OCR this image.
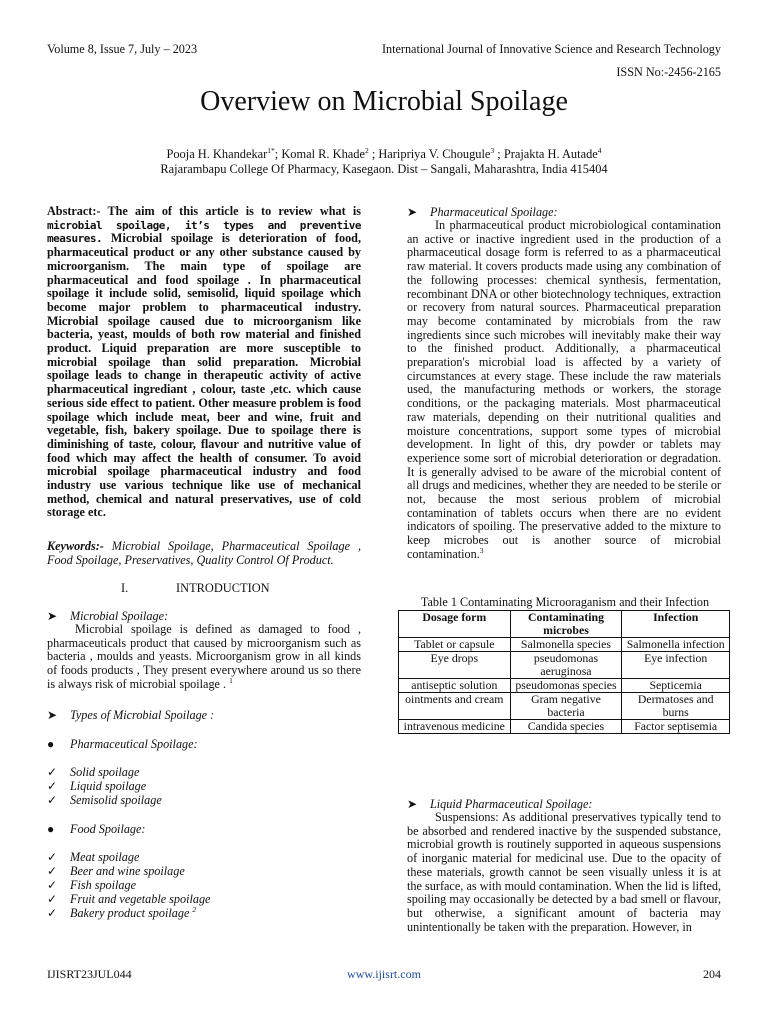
Volume 8, Issue 7, July – 2023	International Journal of Innovative Science and Research Technology
ISSN No:-2456-2165
Overview on Microbial Spoilage
Pooja H. Khandekar$^{1*}$; Komal R. Khade$^2$ ; Haripriya V. Chougule$^3$ ; Prajakta H. Autade$^4$
Rajarambapu College Of Pharmacy, Kasegaon. Dist – Sangali, Maharashtra, India 415404
Abstract:- The aim of this article is to review what is microbial spoilage, it’s types and preventive measures. Microbial spoilage is deterioration of food, pharmaceutical product or any other substance caused by microorganism. The main type of spoilage are pharmaceutical and food spoilage . In pharmaceutical spoilage it include solid, semisolid, liquid spoilage which become major problem to pharmaceutical industry. Microbial spoilage caused due to microorganism like bacteria, yeast, moulds of both row material and finished product. Liquid preparation are more susceptible to microbial spoilage than solid preparation. Microbial spoilage leads to change in therapeutic activity of active pharmaceutical ingrediant , colour, taste ,etc. which cause serious side effect to patient. Other measure problem is food spoilage which include meat, beer and wine, fruit and vegetable, fish, bakery spoilage. Due to spoilage there is diminishing of taste, colour, flavour and nutritive value of food which may affect the health of consumer. To avoid microbial spoilage pharmaceutical industry and food industry use various technique like use of mechanical method, chemical and natural preservatives, use of cold storage etc.
Keywords:- Microbial Spoilage, Pharmaceutical Spoilage , Food Spoilage, Preservatives, Quality Control Of Product.
I.	INTRODUCTION
➤ Microbial Spoilage:
Microbial spoilage is defined as damaged to food , pharmaceuticals product that caused by microorganism such as bacteria , moulds and yeasts. Microorganism grow in all kinds of foods products , They present everywhere around us so there is always risk of microbial spoilage . $^1$
➤ Types of Microbial Spoilage :
● Pharmaceutical Spoilage:
✓ Solid spoilage
✓ Liquid spoilage
✓ Semisolid spoilage
● Food Spoilage:
✓ Meat spoilage
✓ Beer and wine spoilage
✓ Fish spoilage
✓ Fruit and vegetable spoilage
✓ Bakery product spoilage $^2$
➤ Pharmaceutical Spoilage:
In pharmaceutical product microbiological contamination an active or inactive ingredient used in the production of a pharmaceutical dosage form is referred to as a pharmaceutical raw material. It covers products made using any combination of the following processes: chemical synthesis, fermentation, recombinant DNA or other biotechnology techniques, extraction or recovery from natural sources. Pharmaceutical preparation may become contaminated by microbials from the raw ingredients since such microbes will inevitably make their way to the finished product. Additionally, a pharmaceutical preparation's microbial load is affected by a variety of circumstances at every stage. These include the raw materials used, the manufacturing methods or workers, the storage conditions, or the packaging materials. Most pharmaceutical raw materials, depending on their nutritional qualities and moisture concentrations, support some types of microbial development. In light of this, dry powder or tablets may experience some sort of microbial deterioration or degradation. It is generally advised to be aware of the microbial content of all drugs and medicines, whether they are needed to be sterile or not, because the most serious problem of microbial contamination of tablets occurs when there are no evident indicators of spoiling. The preservative added to the mixture to keep microbes out is another source of microbial contamination.$^3$
Table 1 Contaminating Microoraganism and their Infection
Dosage form	Contaminating microbes	Infection
Tablet or capsule	Salmonella species	Salmonella infection
Eye drops	pseudomonas aeruginosa	Eye infection
antiseptic solution	pseudomonas species	Septicemia
ointments and cream	Gram negative bacteria	Dermatoses and burns
intravenous medicine	Candida species	Factor septisemia
➤ Liquid Pharmaceutical Spoilage:
Suspensions: As additional preservatives typically tend to be absorbed and rendered inactive by the suspended substance, microbial growth is routinely supported in aqueous suspensions of inorganic material for medicinal use. Due to the opacity of these materials, growth cannot be seen visually unless it is at the surface, as with mould contamination. When the lid is lifted, spoiling may occasionally be detected by a bad smell or flavour, but otherwise, a significant amount of bacteria may unintentionally be taken with the preparation. However, in
IJISRT23JUL044	www.ijisrt.com	204
